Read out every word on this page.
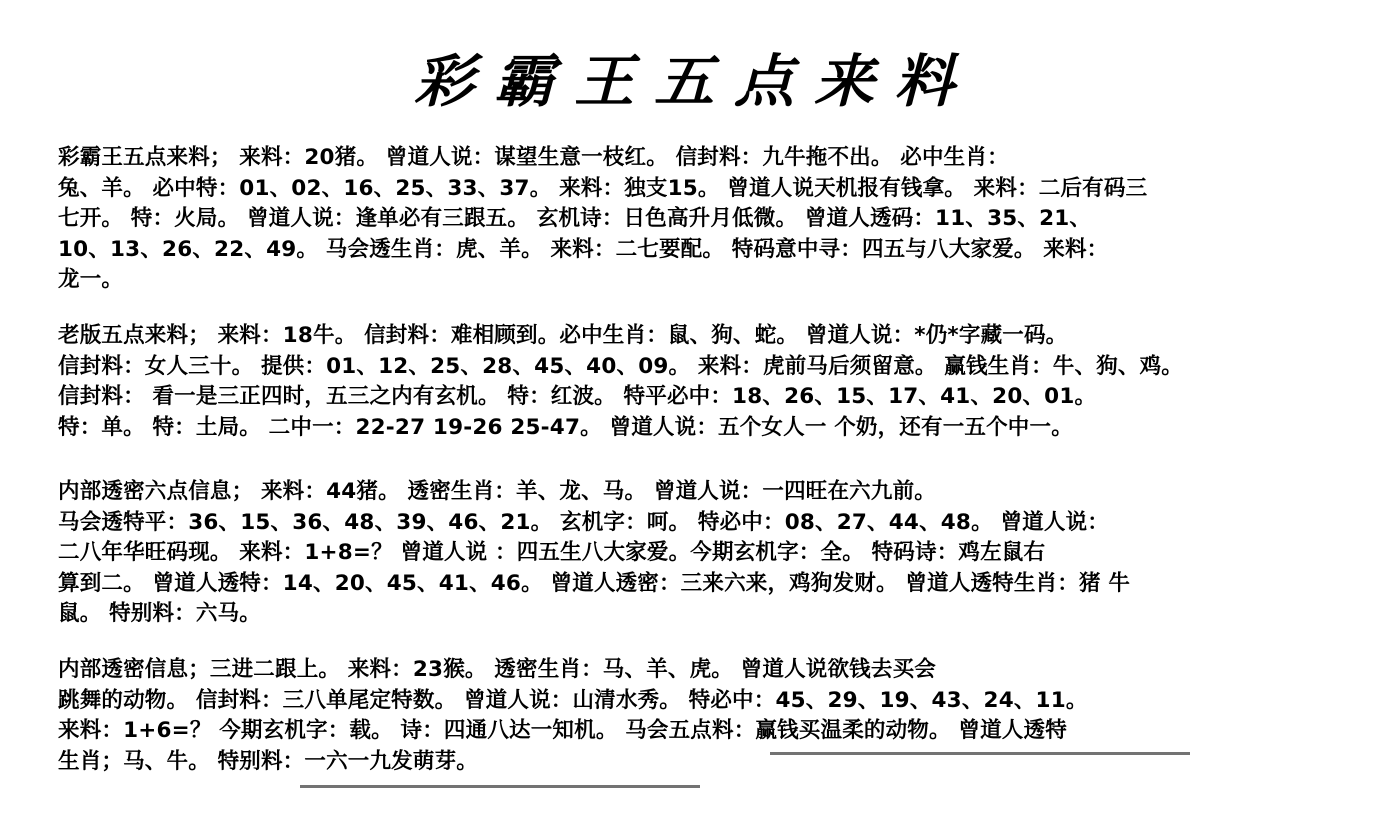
彩霸王五点来料
彩霸王五点来料； 来料：20猪。 曾道人说：谋望生意一枝红。 信封料：九牛拖不出。 必中生肖：
兔、羊。 必中特：01、02、16、25、33、37。 来料：独支15。 曾道人说天机报有钱拿。 来料：二后有码三
七开。 特：火局。 曾道人说：逢单必有三跟五。 玄机诗：日色高升月低微。 曾道人透码：11、35、21、
10、13、26、22、49。 马会透生肖：虎、羊。 来料：二七要配。 特码意中寻：四五与八大家爱。 来料：
龙一。
老版五点来料； 来料：18牛。 信封料：难相顾到。必中生肖：鼠、狗、蛇。 曾道人说：*仍*字藏一码。
信封料：女人三十。 提供：01、12、25、28、45、40、09。 来料：虎前马后须留意。 赢钱生肖：牛、狗、鸡。
信封料： 看一是三正四时，五三之内有玄机。 特：红波。 特平必中：18、26、15、17、41、20、01。
特：单。 特：土局。 二中一：22-27 19-26 25-47。 曾道人说：五个女人一 个奶，还有一五个中一。
内部透密六点信息； 来料：44猪。 透密生肖：羊、龙、马。 曾道人说：一四旺在六九前。
马会透特平：36、15、36、48、39、46、21。 玄机字：呵。 特必中：08、27、44、48。 曾道人说：
二八年华旺码现。 来料：1+8=？ 曾道人说 ：四五生八大家爱。今期玄机字：全。 特码诗：鸡左鼠右
算到二。 曾道人透特：14、20、45、41、46。 曾道人透密：三来六来，鸡狗发财。 曾道人透特生肖：猪 牛
鼠。 特别料：六马。
内部透密信息；三进二跟上。 来料：23猴。 透密生肖：马、羊、虎。 曾道人说欲钱去买会
跳舞的动物。 信封料：三八单尾定特数。 曾道人说：山清水秀。 特必中：45、29、19、43、24、11。
来料：1+6=？ 今期玄机字：载。 诗：四通八达一知机。 马会五点料：赢钱买温柔的动物。 曾道人透特
生肖；马、牛。 特别料：一六一九发萌芽。
